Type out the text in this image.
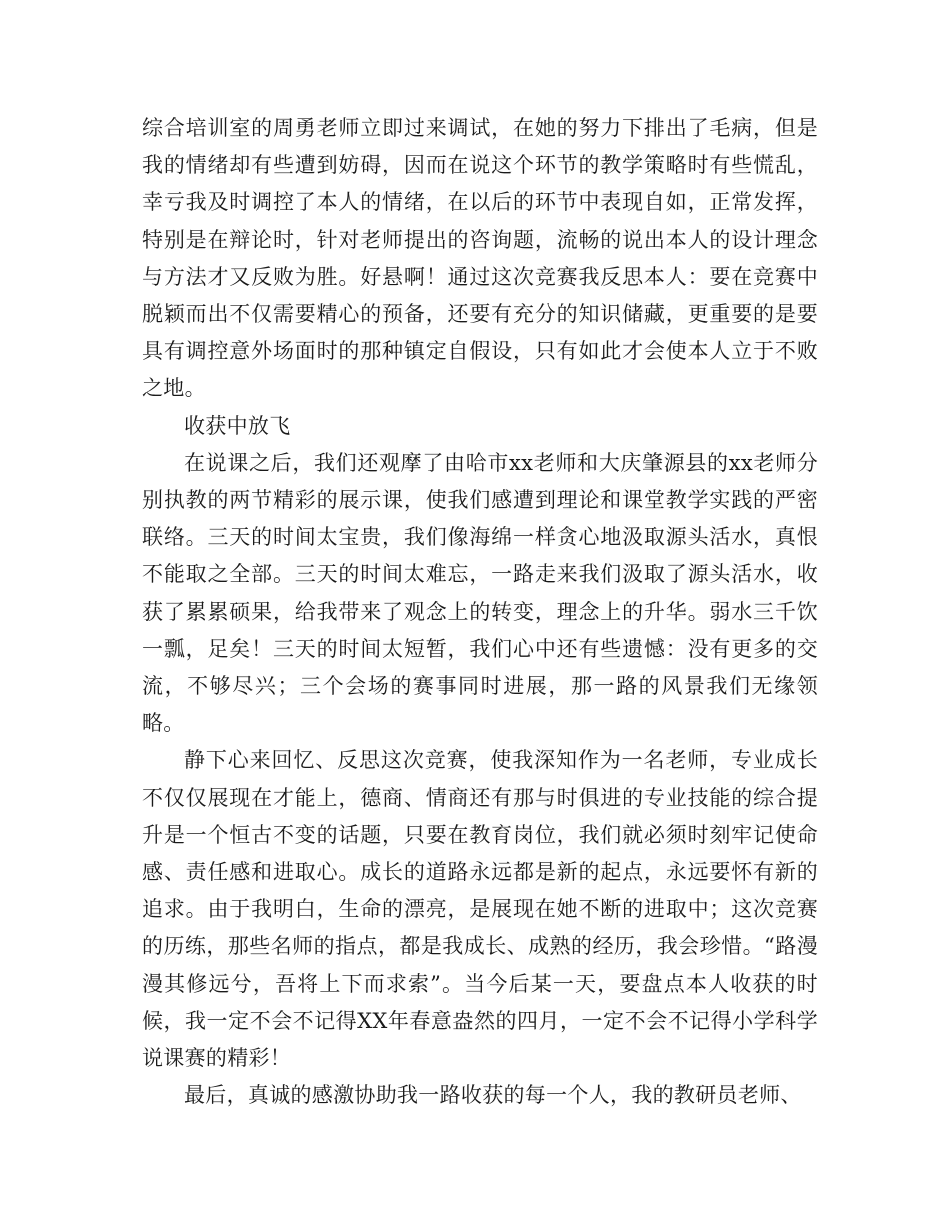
综合培训室的周勇老师立即过来调试，在她的努力下排出了毛病，但是我的情绪却有些遭到妨碍，因而在说这个环节的教学策略时有些慌乱，幸亏我及时调控了本人的情绪，在以后的环节中表现自如，正常发挥，特别是在辩论时，针对老师提出的咨询题，流畅的说出本人的设计理念与方法才又反败为胜。好悬啊！通过这次竞赛我反思本人：要在竞赛中脱颖而出不仅需要精心的预备，还要有充分的知识储藏，更重要的是要具有调控意外场面时的那种镇定自假设，只有如此才会使本人立于不败之地。

收获中放飞

在说课之后，我们还观摩了由哈市xx老师和大庆肇源县的xx老师分别执教的两节精彩的展示课，使我们感遭到理论和课堂教学实践的严密联络。三天的时间太宝贵，我们像海绵一样贪心地汲取源头活水，真恨不能取之全部。三天的时间太难忘，一路走来我们汲取了源头活水，收获了累累硕果，给我带来了观念上的转变，理念上的升华。弱水三千饮一瓢，足矣！三天的时间太短暂，我们心中还有些遗憾：没有更多的交流，不够尽兴；三个会场的赛事同时进展，那一路的风景我们无缘领略。

静下心来回忆、反思这次竞赛，使我深知作为一名老师，专业成长不仅仅展现在才能上，德商、情商还有那与时俱进的专业技能的综合提升是一个恒古不变的话题，只要在教育岗位，我们就必须时刻牢记使命感、责任感和进取心。成长的道路永远都是新的起点，永远要怀有新的追求。由于我明白，生命的漂亮，是展现在她不断的进取中；这次竞赛的历练，那些名师的指点，都是我成长、成熟的经历，我会珍惜。“路漫漫其修远兮，吾将上下而求索”。当今后某一天，要盘点本人收获的时候，我一定不会不记得XX年春意盎然的四月，一定不会不记得小学科学说课赛的精彩！

最后，真诚的感激协助我一路收获的每一个人，我的教研员老师、
